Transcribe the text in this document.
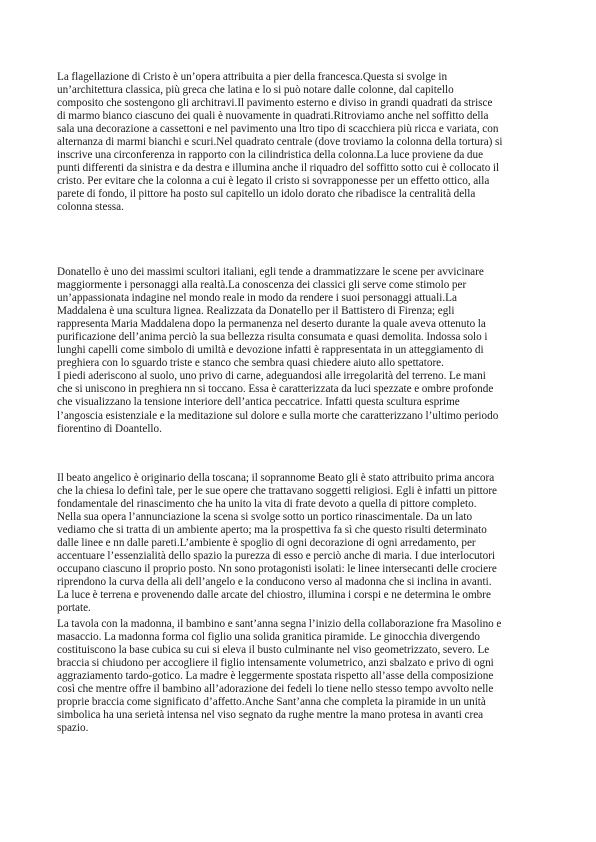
La flagellazione di Cristo è un’opera attribuita a pier della francesca.Questa si svolge in
un’architettura classica, più greca che latina e lo si può notare dalle colonne, dal capitello
composito che sostengono gli architravi.Il pavimento esterno e diviso in grandi quadrati da strisce
di marmo bianco ciascuno dei quali è nuovamente in quadrati.Ritroviamo anche nel soffitto della
sala una decorazione a cassettoni e nel pavimento una ltro tipo di scacchiera più ricca e variata, con
alternanza di marmi bianchi e scuri.Nel quadrato centrale (dove troviamo la colonna della tortura) si
inscrive una circonferenza in rapporto con la cilindristica della colonna.La luce proviene da due
punti differenti da sinistra e da destra e illumina anche il riquadro del soffitto sotto cui è collocato il
cristo. Per evitare che la colonna a cui è legato il cristo si sovrapponesse per un effetto ottico, alla
parete di fondo, il pittore ha posto sul capitello un idolo dorato che ribadisce la centralità della
colonna stessa.

Donatello è uno dei massimi scultori italiani, egli tende a drammatizzare le scene per avvicinare
maggiormente i personaggi alla realtà.La conoscenza dei classici gli serve come stimolo per
un’appassionata indagine nel mondo reale in modo da rendere i suoi personaggi attuali.La
Maddalena è una scultura lignea. Realizzata da Donatello per il Battistero di Firenza; egli
rappresenta Maria Maddalena dopo la permanenza nel deserto durante la quale aveva ottenuto la
purificazione dell’anima perciò la sua bellezza risulta consumata e quasi demolita. Indossa solo i
lunghi capelli come simbolo di umiltà e devozione infatti è rappresentata in un atteggiamento di
preghiera con lo sguardo triste e stanco che sembra quasi chiedere aiuto allo spettatore.
I piedi aderiscono al suolo, uno privo di carne, adeguandosi alle irregolarità del terreno. Le mani
che si uniscono in preghiera nn si toccano. Essa è caratterizzata da luci spezzate e ombre profonde
che visualizzano la tensione interiore dell’antica peccatrice. Infatti questa scultura esprime
l’angoscia esistenziale e la meditazione sul dolore e sulla morte che caratterizzano l’ultimo periodo
fiorentino di Doantello.

Il beato angelico è originario della toscana; il soprannome Beato gli è stato attribuito prima ancora
che la chiesa lo definì tale, per le sue opere che trattavano soggetti religiosi. Egli è infatti un pittore
fondamentale del rinascimento che ha unito la vita di frate devoto a quella di pittore completo.
Nella sua opera l’annunciazione la scena si svolge sotto un portico rinascimentale. Da un lato
vediamo che si tratta di un ambiente aperto; ma la prospettiva fa sì che questo risulti determinato
dalle linee e nn dalle pareti.L’ambiente è spoglio di ogni decorazione di ogni arredamento, per
accentuare l’essenzialità dello spazio la purezza di esso e perciò anche di maria. I due interlocutori
occupano ciascuno il proprio posto. Nn sono protagonisti isolati: le linee intersecanti delle crociere
riprendono la curva della ali dell’angelo e la conducono verso al madonna che si inclina in avanti.
La luce è terrena e provenendo dalle arcate del chiostro, illumina i corspi e ne determina le ombre
portate.

La tavola con la madonna, il bambino e sant’anna segna l’inizio della collaborazione fra Masolino e
masaccio. La madonna forma col figlio una solida granitica piramide. Le ginocchia divergendo
costituiscono la base cubica su cui si eleva il busto culminante nel viso geometrizzato, severo. Le
braccia si chiudono per accogliere il figlio intensamente volumetrico, anzi sbalzato e privo di ogni
aggraziamento tardo-gotico. La madre è leggermente spostata rispetto all’asse della composizione
così che mentre offre il bambino all’adorazione dei fedeli lo tiene nello stesso tempo avvolto nelle
proprie braccia come significato d’affetto.Anche Sant’anna che completa la piramide in un unità
simbolica ha una serietà intensa nel viso segnato da rughe mentre la mano protesa in avanti crea
spazio.
